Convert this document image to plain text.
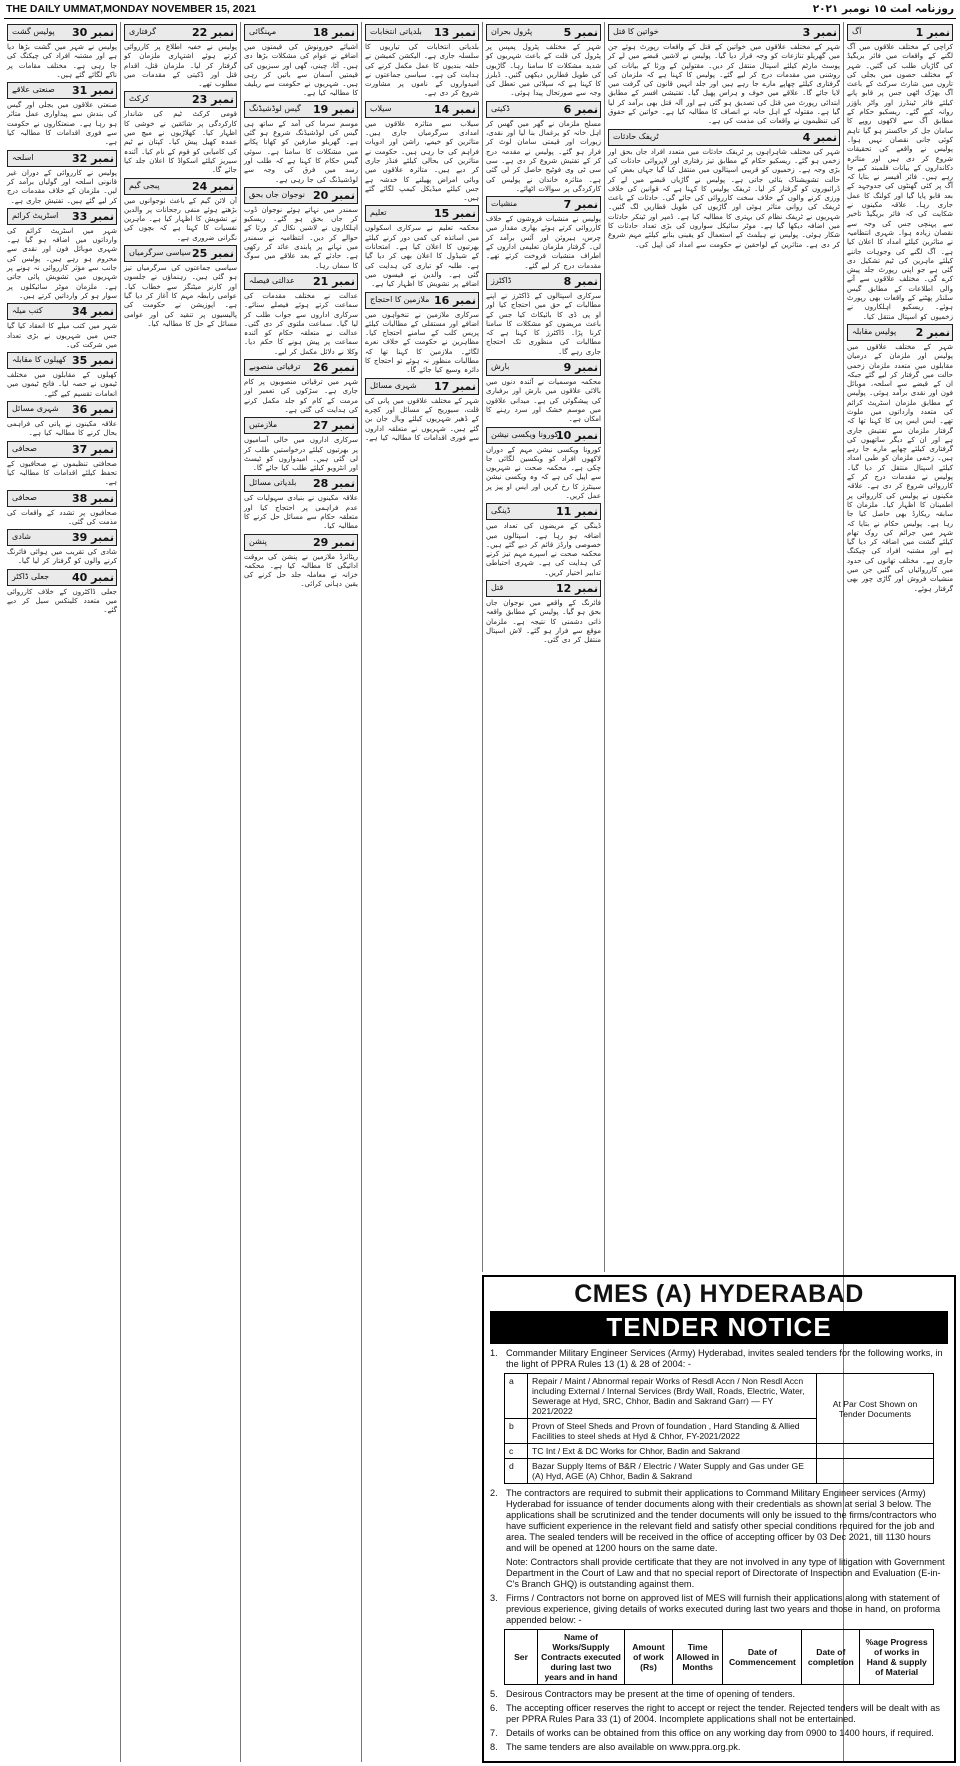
THE DAILY UMMAT,MONDAY NOVEMBER 15, 2021	روزنامہ امت ۱۵ نومبر ۲۰۲۱
نمبر 1
آگ
کراچی کے مختلف علاقوں میں آگ لگنے کے واقعات میں فائر بریگیڈ کی گاڑیاں طلب کی گئیں۔ شہر کے مختلف حصوں میں بجلی کی تاروں میں شارٹ سرکٹ کے باعث آگ بھڑک اٹھی جس پر قابو پانے کیلئے فائر ٹینڈرز اور واٹر باؤزر روانہ کیے گئے۔ ریسکیو حکام کے مطابق آگ سے لاکھوں روپے کا سامان جل کر خاکستر ہو گیا تاہم کوئی جانی نقصان نہیں ہوا۔ پولیس نے واقعے کی تحقیقات شروع کر دی ہیں اور متاثرہ دکانداروں کے بیانات قلمبند کیے جا رہے ہیں۔ فائر آفیسر نے بتایا کہ آگ پر کئی گھنٹوں کی جدوجہد کے بعد قابو پایا گیا اور کولنگ کا عمل جاری رہا۔ علاقہ مکینوں نے شکایت کی کہ فائر بریگیڈ تاخیر سے پہنچی جس کی وجہ سے نقصان زیادہ ہوا۔ شہری انتظامیہ نے متاثرین کیلئے امداد کا اعلان کیا ہے۔ آگ لگنے کی وجوہات جاننے کیلئے ماہرین کی ٹیم تشکیل دی گئی ہے جو اپنی رپورٹ جلد پیش کرے گی۔ مختلف علاقوں سے آنے والی اطلاعات کے مطابق گیس سلنڈر پھٹنے کے واقعات بھی رپورٹ ہوئے۔ ریسکیو اہلکاروں نے زخمیوں کو اسپتال منتقل کیا۔
نمبر 2
پولیس مقابلہ
شہر کے مختلف علاقوں میں پولیس اور ملزمان کے درمیان مقابلوں میں متعدد ملزمان زخمی حالت میں گرفتار کر لیے گئے جبکہ ان کے قبضے سے اسلحہ، موبائل فون اور نقدی برآمد ہوئی۔ پولیس کے مطابق ملزمان اسٹریٹ کرائم کی متعدد وارداتوں میں ملوث تھے۔ ایس ایس پی کا کہنا تھا کہ گرفتار ملزمان سے تفتیش جاری ہے اور ان کے دیگر ساتھیوں کی گرفتاری کیلئے چھاپے مارے جا رہے ہیں۔ زخمی ملزمان کو طبی امداد کیلئے اسپتال منتقل کر دیا گیا۔ پولیس نے مقدمات درج کر کے کارروائی شروع کر دی ہے۔ علاقہ مکینوں نے پولیس کی کارروائی پر اطمینان کا اظہار کیا۔ ملزمان کا سابقہ ریکارڈ بھی حاصل کیا جا رہا ہے۔ پولیس حکام نے بتایا کہ شہر میں جرائم کی روک تھام کیلئے گشت میں اضافہ کر دیا گیا ہے اور مشتبہ افراد کی چیکنگ جاری ہے۔ مختلف تھانوں کی حدود میں کارروائیاں کی گئیں جن میں منشیات فروش اور گاڑی چور بھی گرفتار ہوئے۔
نمبر 3
خواتین کا قتل
شہر کے مختلف علاقوں میں خواتین کے قتل کے واقعات رپورٹ ہوئے جن میں گھریلو تنازعات کو وجہ قرار دیا گیا۔ پولیس نے لاشیں قبضے میں لے کر پوسٹ مارٹم کیلئے اسپتال منتقل کر دیں۔ مقتولین کے ورثا کے بیانات کی روشنی میں مقدمات درج کر لیے گئے۔ پولیس کا کہنا ہے کہ ملزمان کی گرفتاری کیلئے چھاپے مارے جا رہے ہیں اور جلد انہیں قانون کی گرفت میں لایا جائے گا۔ علاقے میں خوف و ہراس پھیل گیا۔ تفتیشی افسر کے مطابق ابتدائی رپورٹ میں قتل کی تصدیق ہو گئی ہے اور آلہ قتل بھی برآمد کر لیا گیا ہے۔ مقتولہ کے اہل خانہ نے انصاف کا مطالبہ کیا ہے۔ خواتین کے حقوق کی تنظیموں نے واقعات کی مذمت کی ہے۔
نمبر 4
ٹریفک حادثات
شہر کی مختلف شاہراہوں پر ٹریفک حادثات میں متعدد افراد جاں بحق اور زخمی ہو گئے۔ ریسکیو حکام کے مطابق تیز رفتاری اور لاپروائی حادثات کی بڑی وجہ ہے۔ زخمیوں کو قریبی اسپتالوں میں منتقل کیا گیا جہاں بعض کی حالت تشویشناک بتائی جاتی ہے۔ پولیس نے گاڑیاں قبضے میں لے کر ڈرائیوروں کو گرفتار کر لیا۔ ٹریفک پولیس کا کہنا ہے کہ قوانین کی خلاف ورزی کرنے والوں کے خلاف سخت کارروائی کی جائے گی۔ حادثات کے باعث ٹریفک کی روانی متاثر ہوئی اور گاڑیوں کی طویل قطاریں لگ گئیں۔ شہریوں نے ٹریفک نظام کی بہتری کا مطالبہ کیا ہے۔ ڈمپر اور ٹینکر حادثات میں اضافہ دیکھا گیا ہے۔ موٹر سائیکل سواروں کی بڑی تعداد حادثات کا شکار ہوئی۔ پولیس نے ہیلمٹ کے استعمال کو یقینی بنانے کیلئے مہم شروع کر دی ہے۔ متاثرین کے لواحقین نے حکومت سے امداد کی اپیل کی۔
نمبر 5
پٹرول بحران
شہر کے مختلف پٹرول پمپس پر پٹرول کی قلت کے باعث شہریوں کو شدید مشکلات کا سامنا رہا۔ گاڑیوں کی طویل قطاریں دیکھی گئیں۔ ڈیلرز کا کہنا ہے کہ سپلائی میں تعطل کی وجہ سے صورتحال پیدا ہوئی۔
نمبر 6
ڈکیتی
مسلح ملزمان نے گھر میں گھس کر اہل خانہ کو یرغمال بنا لیا اور نقدی، زیورات اور قیمتی سامان لوٹ کر فرار ہو گئے۔ پولیس نے مقدمہ درج کر کے تفتیش شروع کر دی ہے۔ سی سی ٹی وی فوٹیج حاصل کر لی گئی ہے۔ متاثرہ خاندان نے پولیس کی کارکردگی پر سوالات اٹھائے۔
نمبر 7
منشیات
پولیس نے منشیات فروشوں کے خلاف کارروائی کرتے ہوئے بھاری مقدار میں چرس، ہیروئن اور آئس برآمد کر لی۔ گرفتار ملزمان تعلیمی اداروں کے اطراف منشیات فروخت کرتے تھے۔ مقدمات درج کر لیے گئے۔
نمبر 8
ڈاکٹرز
سرکاری اسپتالوں کے ڈاکٹرز نے اپنے مطالبات کے حق میں احتجاج کیا اور او پی ڈی کا بائیکاٹ کیا جس کے باعث مریضوں کو مشکلات کا سامنا کرنا پڑا۔ ڈاکٹرز کا کہنا ہے کہ مطالبات کی منظوری تک احتجاج جاری رہے گا۔
نمبر 9
بارش
محکمہ موسمیات نے آئندہ دنوں میں بالائی علاقوں میں بارش اور برفباری کی پیشگوئی کی ہے۔ میدانی علاقوں میں موسم خشک اور سرد رہنے کا امکان ہے۔
نمبر 10
کورونا ویکسی نیشن
کورونا ویکسی نیشن مہم کے دوران لاکھوں افراد کو ویکسین لگائی جا چکی ہے۔ محکمہ صحت نے شہریوں سے اپیل کی ہے کہ وہ ویکسی نیشن سینٹرز کا رخ کریں اور ایس او پیز پر عمل کریں۔
نمبر 11
ڈینگی
ڈینگی کے مریضوں کی تعداد میں اضافہ ہو رہا ہے۔ اسپتالوں میں خصوصی وارڈز قائم کر دیے گئے ہیں۔ محکمہ صحت نے اسپرے مہم تیز کرنے کی ہدایت کی ہے۔ شہری احتیاطی تدابیر اختیار کریں۔
نمبر 12
قتل
فائرنگ کے واقعے میں نوجوان جاں بحق ہو گیا۔ پولیس کے مطابق واقعہ ذاتی دشمنی کا نتیجہ ہے۔ ملزمان موقع سے فرار ہو گئے۔ لاش اسپتال منتقل کر دی گئی۔
نمبر 13
بلدیاتی انتخابات
بلدیاتی انتخابات کی تیاریوں کا سلسلہ جاری ہے۔ الیکشن کمیشن نے حلقہ بندیوں کا عمل مکمل کرنے کی ہدایت کی ہے۔ سیاسی جماعتوں نے امیدواروں کے ناموں پر مشاورت شروع کر دی ہے۔
نمبر 14
سیلاب
سیلاب سے متاثرہ علاقوں میں امدادی سرگرمیاں جاری ہیں۔ متاثرین کو خیمے، راشن اور ادویات فراہم کی جا رہی ہیں۔ حکومت نے متاثرین کی بحالی کیلئے فنڈز جاری کر دیے ہیں۔ متاثرہ علاقوں میں وبائی امراض پھیلنے کا خدشہ ہے جس کیلئے میڈیکل کیمپ لگائے گئے ہیں۔
نمبر 15
تعلیم
محکمہ تعلیم نے سرکاری اسکولوں میں اساتذہ کی کمی دور کرنے کیلئے بھرتیوں کا اعلان کیا ہے۔ امتحانات کے شیڈول کا اعلان بھی کر دیا گیا ہے۔ طلبہ کو تیاری کی ہدایت کی گئی ہے۔ والدین نے فیسوں میں اضافے پر تشویش کا اظہار کیا ہے۔
نمبر 16
ملازمین کا احتجاج
سرکاری ملازمین نے تنخواہوں میں اضافے اور مستقلی کے مطالبات کیلئے پریس کلب کے سامنے احتجاج کیا۔ مظاہرین نے حکومت کے خلاف نعرے لگائے۔ ملازمین کا کہنا تھا کہ مطالبات منظور نہ ہوئے تو احتجاج کا دائرہ وسیع کیا جائے گا۔
نمبر 17
شہری مسائل
شہر کے مختلف علاقوں میں پانی کی قلت، سیوریج کے مسائل اور کچرے کے ڈھیر شہریوں کیلئے وبال جان بن گئے ہیں۔ شہریوں نے متعلقہ اداروں سے فوری اقدامات کا مطالبہ کیا ہے۔
نمبر 18
مہنگائی
اشیائے خورونوش کی قیمتوں میں اضافے نے عوام کی مشکلات بڑھا دی ہیں۔ آٹا، چینی، گھی اور سبزیوں کی قیمتیں آسمان سے باتیں کر رہی ہیں۔ شہریوں نے حکومت سے ریلیف کا مطالبہ کیا ہے۔
نمبر 19
گیس لوڈشیڈنگ
موسم سرما کی آمد کے ساتھ ہی گیس کی لوڈشیڈنگ شروع ہو گئی ہے۔ گھریلو صارفین کو کھانا پکانے میں مشکلات کا سامنا ہے۔ سوئی گیس حکام کا کہنا ہے کہ طلب اور رسد میں فرق کی وجہ سے لوڈشیڈنگ کی جا رہی ہے۔
نمبر 20
نوجوان جاں بحق
سمندر میں نہاتے ہوئے نوجوان ڈوب کر جاں بحق ہو گئے۔ ریسکیو اہلکاروں نے لاشیں نکال کر ورثا کے حوالے کر دیں۔ انتظامیہ نے سمندر میں نہانے پر پابندی عائد کر رکھی ہے۔ حادثے کے بعد علاقے میں سوگ کا سماں رہا۔
نمبر 21
عدالتی فیصلہ
عدالت نے مختلف مقدمات کی سماعت کرتے ہوئے فیصلے سنائے۔ سرکاری اداروں سے جواب طلب کر لیا گیا۔ سماعت ملتوی کر دی گئی۔ عدالت نے متعلقہ حکام کو آئندہ سماعت پر پیش ہونے کا حکم دیا۔ وکلا نے دلائل مکمل کر لیے۔
نمبر 26
ترقیاتی منصوبے
شہر میں ترقیاتی منصوبوں پر کام جاری ہے۔ سڑکوں کی تعمیر اور مرمت کے کام کو جلد مکمل کرنے کی ہدایت کی گئی ہے۔
نمبر 27
ملازمتیں
سرکاری اداروں میں خالی آسامیوں پر بھرتیوں کیلئے درخواستیں طلب کر لی گئی ہیں۔ امیدواروں کو ٹیسٹ اور انٹرویو کیلئے طلب کیا جائے گا۔
نمبر 28
بلدیاتی مسائل
علاقہ مکینوں نے بنیادی سہولیات کی عدم فراہمی پر احتجاج کیا اور متعلقہ حکام سے مسائل حل کرنے کا مطالبہ کیا۔
نمبر 29
پنشن
ریٹائرڈ ملازمین نے پنشن کی بروقت ادائیگی کا مطالبہ کیا ہے۔ محکمہ خزانہ نے معاملہ جلد حل کرنے کی یقین دہانی کرائی۔
نمبر 22
گرفتاری
پولیس نے خفیہ اطلاع پر کارروائی کرتے ہوئے اشتہاری ملزمان کو گرفتار کر لیا۔ ملزمان قتل، اقدام قتل اور ڈکیتی کے مقدمات میں مطلوب تھے۔
نمبر 23
کرکٹ
قومی کرکٹ ٹیم کی شاندار کارکردگی پر شائقین نے خوشی کا اظہار کیا۔ کھلاڑیوں نے میچ میں عمدہ کھیل پیش کیا۔ کپتان نے ٹیم کی کامیابی کو قوم کے نام کیا۔ آئندہ سیریز کیلئے اسکواڈ کا اعلان جلد کیا جائے گا۔
نمبر 24
پبجی گیم
آن لائن گیم کے باعث نوجوانوں میں بڑھتے ہوئے منفی رجحانات پر والدین نے تشویش کا اظہار کیا ہے۔ ماہرین نفسیات کا کہنا ہے کہ بچوں کی نگرانی ضروری ہے۔
نمبر 25
سیاسی سرگرمیاں
سیاسی جماعتوں کی سرگرمیاں تیز ہو گئی ہیں۔ رہنماؤں نے جلسوں اور کارنر میٹنگز سے خطاب کیا۔ عوامی رابطہ مہم کا آغاز کر دیا گیا ہے۔ اپوزیشن نے حکومت کی پالیسیوں پر تنقید کی اور عوامی مسائل کے حل کا مطالبہ کیا۔
نمبر 30
پولیس گشت
پولیس نے شہر میں گشت بڑھا دیا ہے اور مشتبہ افراد کی چیکنگ کی جا رہی ہے۔ مختلف مقامات پر ناکے لگائے گئے ہیں۔
نمبر 31
صنعتی علاقے
صنعتی علاقوں میں بجلی اور گیس کی بندش سے پیداواری عمل متاثر ہو رہا ہے۔ صنعتکاروں نے حکومت سے فوری اقدامات کا مطالبہ کیا ہے۔
نمبر 32
اسلحہ
پولیس نے کارروائی کے دوران غیر قانونی اسلحہ اور گولیاں برآمد کر لیں۔ ملزمان کے خلاف مقدمات درج کر لیے گئے ہیں۔ تفتیش جاری ہے۔
نمبر 33
اسٹریٹ کرائم
شہر میں اسٹریٹ کرائم کی وارداتوں میں اضافہ ہو گیا ہے۔ شہری موبائل فون اور نقدی سے محروم ہو رہے ہیں۔ پولیس کی جانب سے مؤثر کارروائی نہ ہونے پر شہریوں میں تشویش پائی جاتی ہے۔ ملزمان موٹر سائیکلوں پر سوار ہو کر وارداتیں کرتے ہیں۔
نمبر 34
کتب میلہ
شہر میں کتب میلے کا انعقاد کیا گیا جس میں شہریوں نے بڑی تعداد میں شرکت کی۔
نمبر 35
کھیلوں کا مقابلہ
کھیلوں کے مقابلوں میں مختلف ٹیموں نے حصہ لیا۔ فاتح ٹیموں میں انعامات تقسیم کیے گئے۔
نمبر 36
شہری مسائل
علاقہ مکینوں نے پانی کی فراہمی بحال کرنے کا مطالبہ کیا ہے۔
نمبر 37
صحافی
صحافتی تنظیموں نے صحافیوں کے تحفظ کیلئے اقدامات کا مطالبہ کیا ہے۔
نمبر 38
صحافی
صحافیوں پر تشدد کے واقعات کی مذمت کی گئی۔
نمبر 39
شادی
شادی کی تقریب میں ہوائی فائرنگ کرنے والوں کو گرفتار کر لیا گیا۔
نمبر 40
جعلی ڈاکٹر
جعلی ڈاکٹروں کے خلاف کارروائی میں متعدد کلینکس سیل کر دیے گئے۔
CMES (A) HYDERABAD
TENDER NOTICE
1. Commander Military Engineer Services (Army) Hyderabad, invites sealed tenders for the following works, in the light of PPRA Rules 13 (1) & 28 of 2004: -

a	Repair / Maint / Abnormal repair Works of Resdl Accn / Non Resdl Accn including External / Internal Services (Brdy Wall, Roads, Electric, Water, Sewerage at Hyd, SRC, Chhor, Badin and Sakrand Garr) — FY 2021/2022	At Par Cost Shown on Tender Documents
b	Provn of Steel Sheds and Provn of foundation , Hard Standing & Allied Facilities to steel sheds at Hyd & Chhor, FY-2021/2022	
c	TC Int / Ext & DC Works for Chhor, Badin and Sakrand	
d	Bazar Supply Items of B&R / Electric / Water Supply and Gas under GE (A) Hyd, AGE (A) Chhor, Badin & Sakrand	
2. The contractors are required to submit their applications to Command Military Engineer services (Army) Hyderabad for issuance of tender documents along with their credentials as shown at serial 3 below. The applications shall be scrutinized and the tender documents will only be issued to the firms/contractors who have sufficient experience in the relevant field and satisfy other special conditions required for the job and area. The sealed tenders will be received in the office of accepting officer by 03 Dec 2021, till 1130 hours and will be opened at 1200 hours on the same date.

Note: Contractors shall provide certificate that they are not involved in any type of litigation with Government Department in the Court of Law and that no special report of Directorate of Inspection and Evaluation (E-in-C's Branch GHQ) is outstanding against them.

3. Firms / Contractors not borne on approved list of MES will furnish their applications along with statement of previous experience, giving details of works executed during last two years and those in hand, on proforma appended below: -

Ser	Name of Works/Supply Contracts executed during last two years and in hand	Amount of work (Rs)	Time Allowed in Months	Date of Commencement	Date of completion	%age Progress of works in Hand & supply of Material
5. Desirous Contractors may be present at the time of opening of tenders.

6. The accepting officer reserves the right to accept or reject the tender. Rejected tenders will be dealt with as per PPRA Rules Para 33 (1) of 2004. Incomplete applications shall not be entertained.

7. Details of works can be obtained from this office on any working day from 0900 to 1400 hours, if required.

8. The same tenders are also available on www.ppra.org.pk.
